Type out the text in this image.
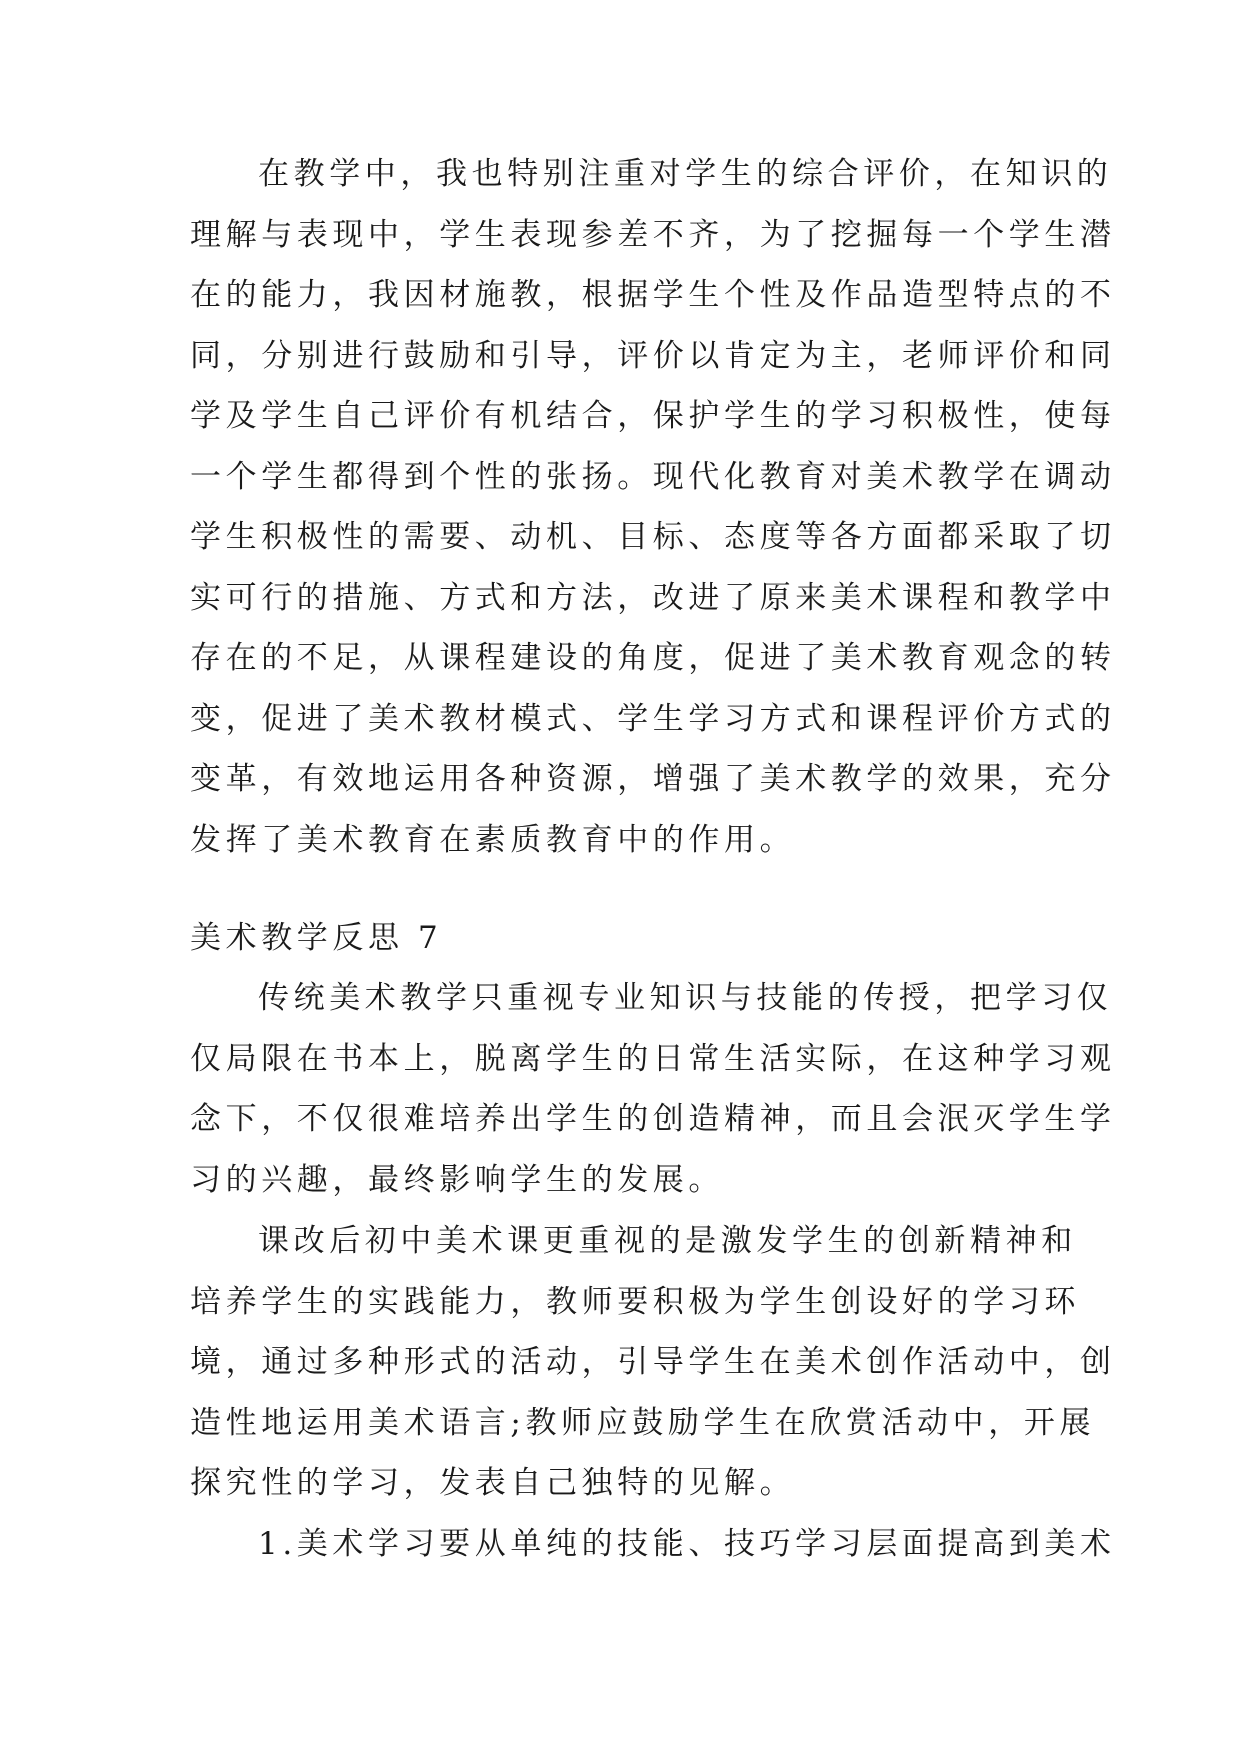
在教学中，我也特别注重对学生的综合评价，在知识的
理解与表现中，学生表现参差不齐，为了挖掘每一个学生潜
在的能力，我因材施教，根据学生个性及作品造型特点的不
同，分别进行鼓励和引导，评价以肯定为主，老师评价和同
学及学生自己评价有机结合，保护学生的学习积极性，使每
一个学生都得到个性的张扬。现代化教育对美术教学在调动
学生积极性的需要、动机、目标、态度等各方面都采取了切
实可行的措施、方式和方法，改进了原来美术课程和教学中
存在的不足，从课程建设的角度，促进了美术教育观念的转
变，促进了美术教材模式、学生学习方式和课程评价方式的
变革，有效地运用各种资源，增强了美术教学的效果，充分
发挥了美术教育在素质教育中的作用。
美术教学反思 7
传统美术教学只重视专业知识与技能的传授，把学习仅
仅局限在书本上，脱离学生的日常生活实际，在这种学习观
念下，不仅很难培养出学生的创造精神，而且会泯灭学生学
习的兴趣，最终影响学生的发展。
课改后初中美术课更重视的是激发学生的创新精神和
培养学生的实践能力，教师要积极为学生创设好的学习环
境，通过多种形式的活动，引导学生在美术创作活动中，创
造性地运用美术语言;教师应鼓励学生在欣赏活动中，开展
探究性的学习，发表自己独特的见解。
1.美术学习要从单纯的技能、技巧学习层面提高到美术
